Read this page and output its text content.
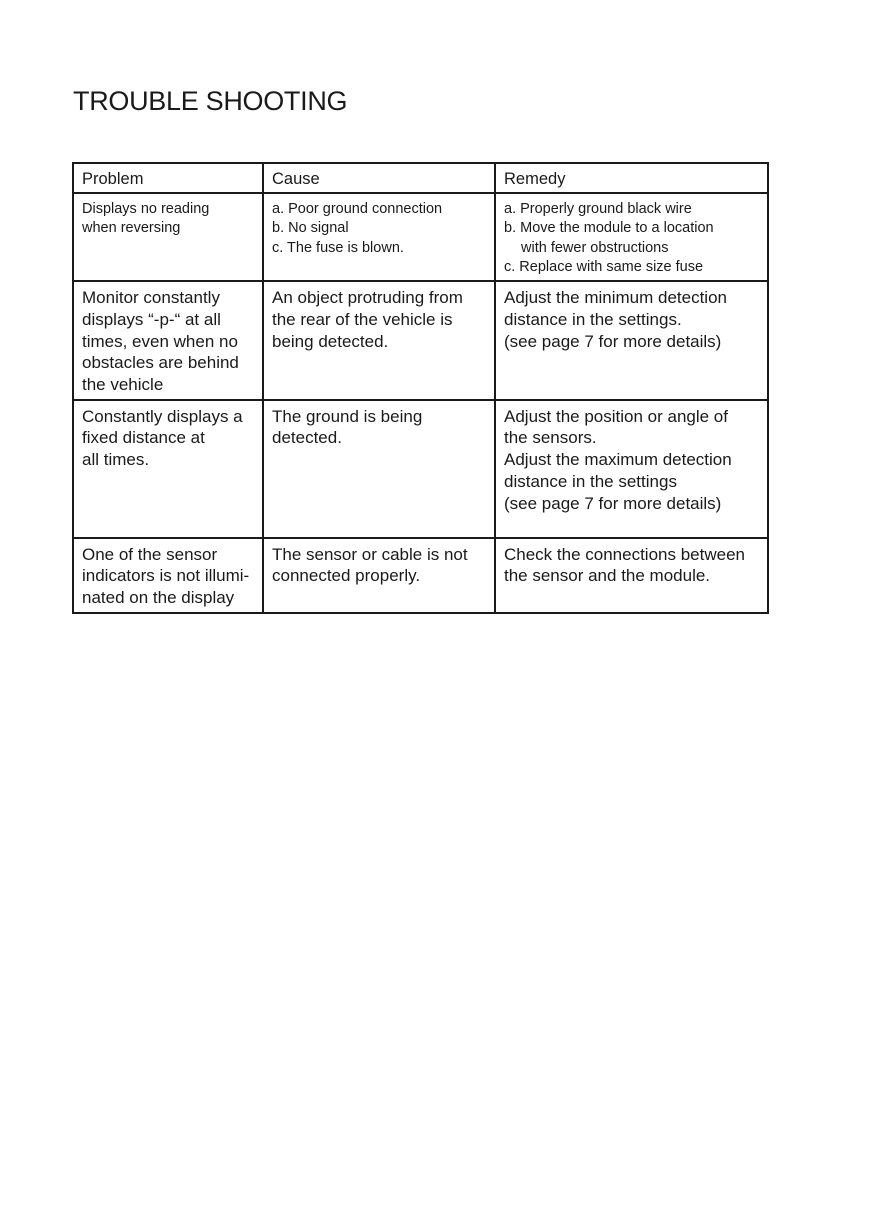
TROUBLE SHOOTING
Problem	Cause	Remedy

Displays no reading
when reversing	a. Poor ground connection
b. No signal
c. The fuse is blown.	a. Properly ground black wire
b. Move the module to a location
with fewer obstructions
c. Replace with same size fuse

Monitor constantly
displays “-p-“ at all
times, even when no
obstacles are behind
the vehicle	An object protruding from
the rear of the vehicle is
being detected.	Adjust the minimum detection
distance in the settings.
(see page 7 for more details)

Constantly displays a
fixed distance at
all times.	The ground is being
detected.	Adjust the position or angle of
the sensors.
Adjust the maximum detection
distance in the settings
(see page 7 for more details)

One of the sensor
indicators is not illumi-
nated on the display	The sensor or cable is not
connected properly.	Check the connections between
the sensor and the module.
